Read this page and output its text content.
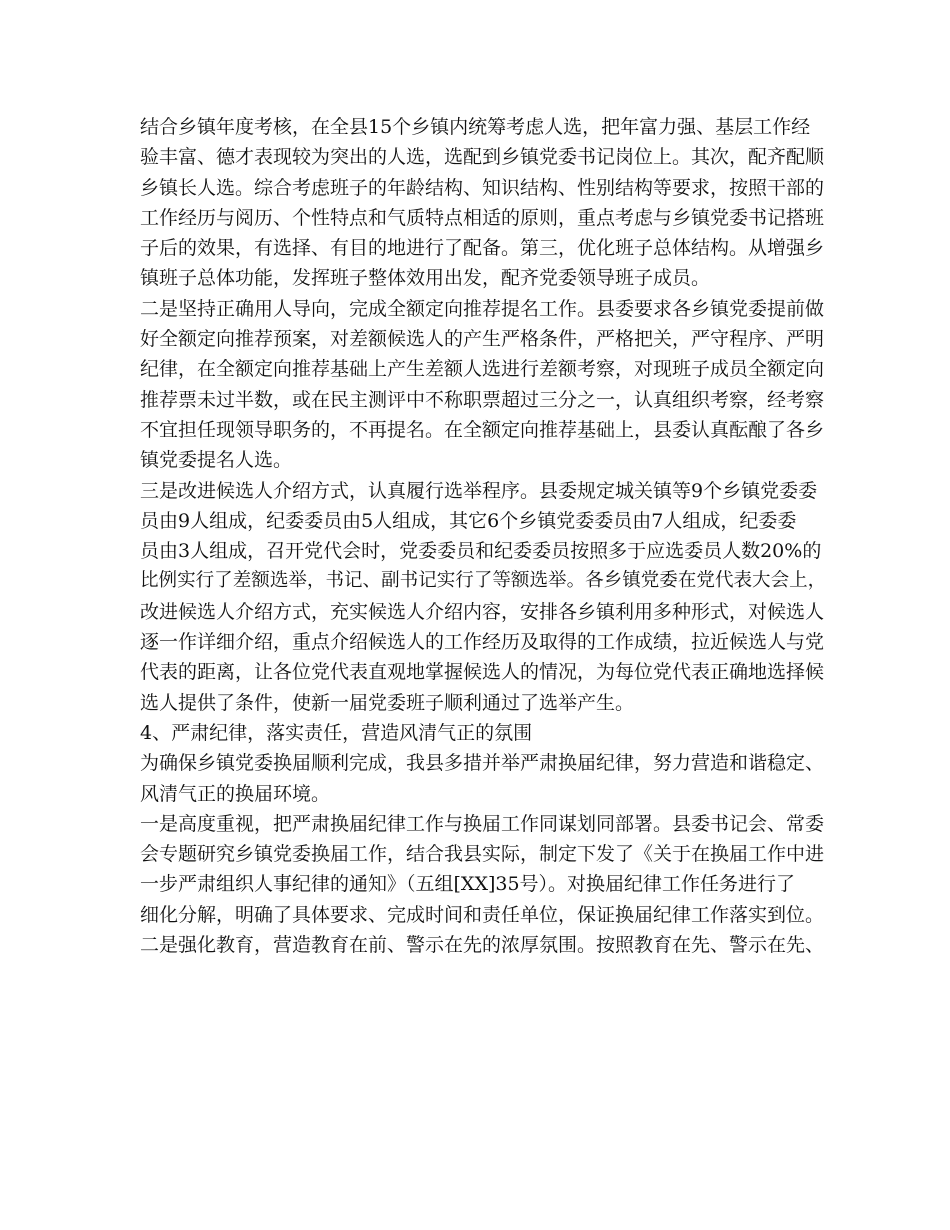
结合乡镇年度考核，在全县15个乡镇内统筹考虑人选，把年富力强、基层工作经
验丰富、德才表现较为突出的人选，选配到乡镇党委书记岗位上。其次，配齐配顺
乡镇长人选。综合考虑班子的年龄结构、知识结构、性别结构等要求，按照干部的
工作经历与阅历、个性特点和气质特点相适的原则，重点考虑与乡镇党委书记搭班
子后的效果，有选择、有目的地进行了配备。第三，优化班子总体结构。从增强乡
镇班子总体功能，发挥班子整体效用出发，配齐党委领导班子成员。
二是坚持正确用人导向，完成全额定向推荐提名工作。县委要求各乡镇党委提前做
好全额定向推荐预案，对差额候选人的产生严格条件，严格把关，严守程序、严明
纪律，在全额定向推荐基础上产生差额人选进行差额考察，对现班子成员全额定向
推荐票未过半数，或在民主测评中不称职票超过三分之一，认真组织考察，经考察
不宜担任现领导职务的，不再提名。在全额定向推荐基础上，县委认真酝酿了各乡
镇党委提名人选。
三是改进候选人介绍方式，认真履行选举程序。县委规定城关镇等9个乡镇党委委
员由9人组成，纪委委员由5人组成，其它6个乡镇党委委员由7人组成，纪委委
员由3人组成，召开党代会时，党委委员和纪委委员按照多于应选委员人数20%的
比例实行了差额选举，书记、副书记实行了等额选举。各乡镇党委在党代表大会上，
改进候选人介绍方式，充实候选人介绍内容，安排各乡镇利用多种形式，对候选人
逐一作详细介绍，重点介绍候选人的工作经历及取得的工作成绩，拉近候选人与党
代表的距离，让各位党代表直观地掌握候选人的情况，为每位党代表正确地选择候
选人提供了条件，使新一届党委班子顺利通过了选举产生。
4、严肃纪律，落实责任，营造风清气正的氛围
为确保乡镇党委换届顺利完成，我县多措并举严肃换届纪律，努力营造和谐稳定、
风清气正的换届环境。
一是高度重视，把严肃换届纪律工作与换届工作同谋划同部署。县委书记会、常委
会专题研究乡镇党委换届工作，结合我县实际，制定下发了《关于在换届工作中进
一步严肃组织人事纪律的通知》（五组[XX]35号）。对换届纪律工作任务进行了
细化分解，明确了具体要求、完成时间和责任单位，保证换届纪律工作落实到位。
二是强化教育，营造教育在前、警示在先的浓厚氛围。按照教育在先、警示在先、
